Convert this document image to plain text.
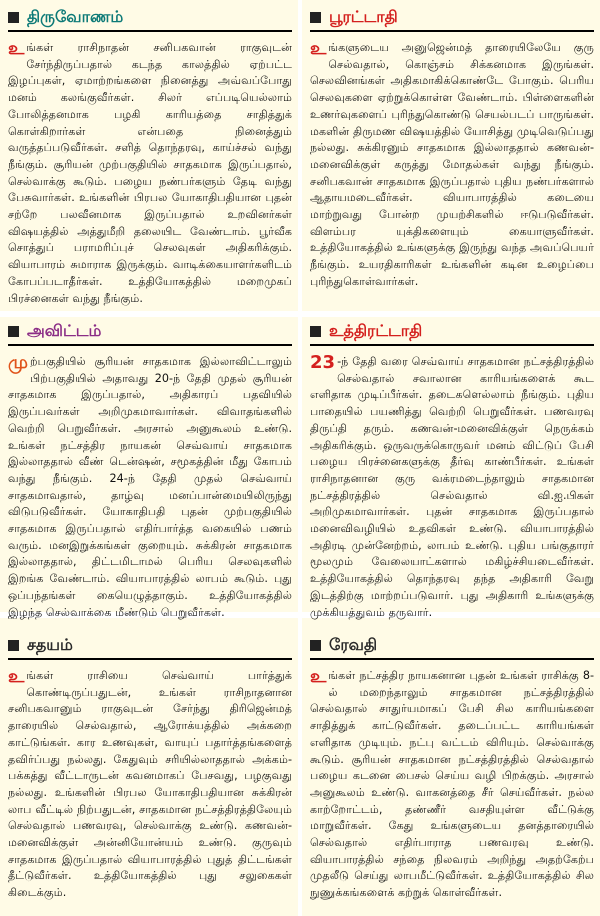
திருவோணம்

உங்கள் ராசிநாதன் சனிபகவான் ராகுவுடன் சேர்ந்திருப்பதால் கடந்த காலத்தில் ஏற்பட்ட இழப்புகள், ஏமாற்றங்களை நினைத்து அவ்வப்போது மனம் கலங்குவீர்கள். சிலர் எப்படியெல்லாம் போலித்தனமாக பழகி காரியத்தை சாதித்துக் கொள்கிறார்கள் என்பதை நினைத்தும் வருத்தப்படுவீர்கள். சளித் தொந்தரவு, காய்ச்சல் வந்து நீங்கும். சூரியன் முற்பகுதியில் சாதகமாக இருப்பதால், செல்வாக்கு கூடும். பழைய நண்பர்களும் தேடி வந்து பேசுவார்கள். உங்களின் பிரபல யோகாதிபதியான புதன் சற்றே பலவீனமாக இருப்பதால் உறவினர்கள் விஷயத்தில் அத்துமீறி தலையிட வேண்டாம். பூர்வீக சொத்துப் பராமரிப்புச் செலவுகள் அதிகரிக்கும். வியாபாரம் சுமாராக இருக்கும். வாடிக்கையாளர்களிடம் கோபப்படாதீர்கள். உத்தியோகத்தில் மறைமுகப் பிரச்னைகள் வந்து நீங்கும்.

பூரட்டாதி

உங்களுடைய அனுஜென்மத் தாரையிலேயே குரு செல்வதால், கொஞ்சம் சிக்கனமாக இருங்கள். செலவினங்கள் அதிகமாகிக்கொண்டே போகும். பெரிய செலவுகளை ஏற்றுக்கொள்ள வேண்டாம். பிள்ளைகளின் உணர்வுகளைப் புரிந்துகொண்டு செயல்படப் பாருங்கள். மகளின் திருமண விஷயத்தில் யோசித்து முடிவெடுப்பது நல்லது. சுக்கிரனும் சாதகமாக இல்லாததால் கணவன்-மனைவிக்குள் கருத்து மோதல்கள் வந்து நீங்கும். சனிபகவான் சாதகமாக இருப்பதால் புதிய நண்பர்களால் ஆதாயமடைவீர்கள். வியாபாரத்தில் கடையை மாற்றுவது போன்ற முயற்சிகளில் ஈடுபடுவீர்கள். விளம்பர யுக்திகளையும் கையாளுவீர்கள். உத்தியோகத்தில் உங்களுக்கு இருந்து வந்த அவப்பெயர் நீங்கும். உயரதிகாரிகள் உங்களின் கடின உழைப்பை புரிந்துகொள்வார்கள்.

அவிட்டம்

முற்பகுதியில் சூரியன் சாதகமாக இல்லாவிட்டாலும் பிற்பகுதியில் அதாவது 20-ந் தேதி முதல் சூரியன் சாதகமாக இருப்பதால், அதிகாரப் பதவியில் இருப்பவர்கள் அறிமுகமாவார்கள். விவாதங்களில் வெற்றி பெறுவீர்கள். அரசால் அனுகூலம் உண்டு. உங்கள் நட்சத்திர நாயகன் செவ்வாய் சாதகமாக இல்லாததால் வீண் டென்ஷன், சமூகத்தின் மீது கோபம் வந்து நீங்கும். 24-ந் தேதி முதல் செவ்வாய் சாதகமாவதால், தாழ்வு மனப்பான்மையிலிருந்து விடுபடுவீர்கள். யோகாதிபதி புதன் முற்பகுதியில் சாதகமாக இருப்பதால் எதிர்பார்த்த வகையில் பணம் வரும். மனஇறுக்கங்கள் குறையும். சுக்கிரன் சாதகமாக இல்லாததால், திட்டமிடாமல் பெரிய செலவுகளில் இறங்க வேண்டாம். வியாபாரத்தில் லாபம் கூடும். புது ஒப்பந்தங்கள் கையெழுத்தாகும். உத்தியோகத்தில் இழந்த செல்வாக்கை மீண்டும் பெறுவீர்கள்.

உத்திரட்டாதி

23 -ந் தேதி வரை செவ்வாய் சாதகமான நட்சத்திரத்தில் செல்வதால் சவாலான காரியங்களைக் கூட எளிதாக முடிப்பீர்கள். தடைகளெல்லாம் நீங்கும். புதிய பாதையில் பயணித்து வெற்றி பெறுவீர்கள். பணவரவு திருப்தி தரும். கணவன்-மனைவிக்குள் நெருக்கம் அதிகரிக்கும். ஒருவருக்கொருவர் மனம் விட்டுப் பேசி பழைய பிரச்னைகளுக்கு தீர்வு காண்பீர்கள். உங்கள் ராசிநாதனான குரு வக்ரமடைந்தாலும் சாதகமான நட்சத்திரத்தில் செல்வதால் வி.ஐ.பிகள் அறிமுகமாவார்கள். புதன் சாதகமாக இருப்பதால் மனைவிவழியில் உதவிகள் உண்டு. வியாபாரத்தில் அதிரடி முன்னேற்றம், லாபம் உண்டு. புதிய பங்குதாரர் மூலமும் வேலையாட்களால் மகிழ்ச்சியடைவீர்கள். உத்தியோகத்தில் தொந்தரவு தந்த அதிகாரி வேறு இடத்திற்கு மாற்றப்படுவார். புது அதிகாரி உங்களுக்கு முக்கியத்துவம் தருவார்.

சதயம்

உங்கள் ராசியை செவ்வாய் பார்த்துக் கொண்டிருப்பதுடன், உங்கள் ராசிநாதனான சனிபகவானும் ராகுவுடன் சேர்ந்து திரிஜென்மத் தாரையில் செல்வதால், ஆரோக்யத்தில் அக்கறை காட்டுங்கள். கார உணவுகள், வாயுப் பதார்த்தங்களைத் தவிர்ப்பது நல்லது. கேதுவும் சரியில்லாததால் அக்கம்-பக்கத்து வீட்டாருடன் கவனமாகப் பேசவது, பழகுவது நல்லது. உங்களின் பிரபல யோகாதிபதியான சுக்கிரன் லாப வீட்டில் நிற்பதுடன், சாதகமான நட்சத்திரத்திலேயும் செல்வதால் பணவரவு, செல்வாக்கு உண்டு. கணவன்-மனைவிக்குள் அன்னியோன்யம் உண்டு. குருவும் சாதகமாக இருப்பதால் வியாபாரத்தில் புதுத் திட்டங்கள் தீட்டுவீர்கள். உத்தியோகத்தில் புது சலுகைகள் கிடைக்கும்.

ரேவதி

உங்கள் நட்சத்திர நாயகனான புதன் உங்கள் ராசிக்கு 8-ல் மறைந்தாலும் சாதகமான நட்சத்திரத்தில் செல்வதால் சாதுர்யமாகப் பேசி சில காரியங்களை சாதித்துக் காட்டுவீர்கள். தடைப்பட்ட காரியங்கள் எளிதாக முடியும். நட்பு வட்டம் விரியும். செல்வாக்கு கூடும். சூரியன் சாதகமான நட்சத்திரத்தில் செல்வதால் பழைய கடனை பைசல் செய்ய வழி பிறக்கும். அரசால் அனுகூலம் உண்டு. வாகனத்தை சீர் செய்வீர்கள். நல்ல காற்றோட்டம், தண்ணீர் வசதியுள்ள வீட்டுக்கு மாறுவீர்கள். கேது உங்களுடைய தனத்தாரையில் செல்வதால் எதிர்பாராத பணவரவு உண்டு. வியாபாரத்தில் சந்தை நிலவரம் அறிந்து அதற்கேற்ப முதலீடு செய்து லாபமீட்டுவீர்கள். உத்தியோகத்தில் சில நுணுக்கங்களைக் கற்றுக் கொள்வீர்கள்.
